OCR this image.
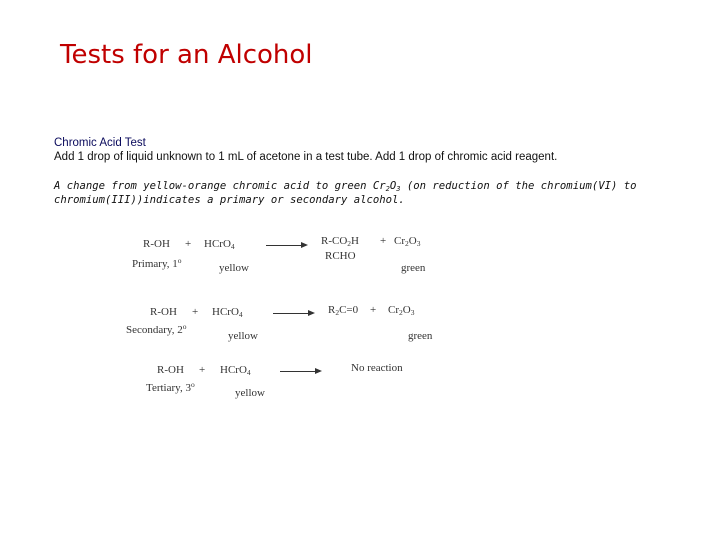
Tests for an Alcohol
Chromic Acid Test
Add 1 drop of liquid unknown to 1 mL of acetone in a test tube. Add 1 drop of chromic acid reagent.
A change from yellow-orange chromic acid to green $Cr_2O_3$ (on reduction of the chromium(VI) to chromium(III))indicates a primary or secondary alcohol.
R-OH + HCrO$_4$
Primary, 1$^o$
yellow
→ $R-CO_2H$
RCHO
+ $Cr_2O_3$
green
R-OH + HCrO$_4$
Secondary, 2$^o$
yellow
→ $R_2C=0 + Cr_2O_3$
green
R-OH + HCrO$_4$
Tertiary, 3$^o$
yellow
No reaction
